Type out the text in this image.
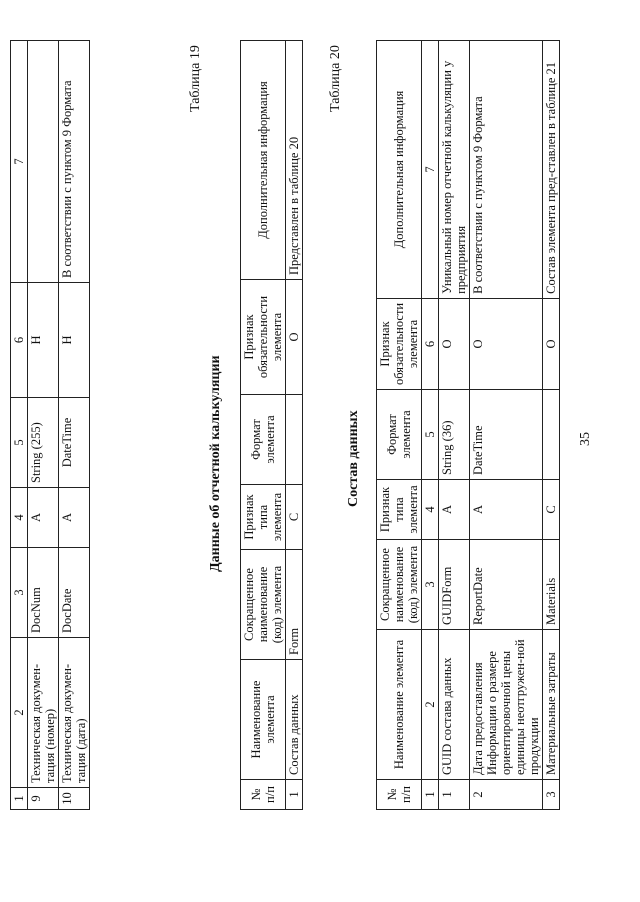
35
1	2	3	4	5	6	7
9	Техническая докумен-тация (номер)	DocNum	А	String (255)	Н	
10	Техническая докумен-тация (дата)	DocDate	А	DateTime	Н	В соответствии с пунктом 9 Формата
Таблица 19
Данные об отчетной калькуляции
№ п/п	Наименование элемента	Сокращенное наименование (код) элемента	Признак типа элемента	Формат элемента	Признак обязательности элемента	Дополнительная информация
1	Состав данных	Form	С		О	Представлен в таблице 20
Таблица 20
Состав данных
№ п/п	Наименование элемента	Сокращенное наименование (код) элемента	Признак типа элемента	Формат элемента	Признак обязательности элемента	Дополнительная информация
1	2	3	4	5	6	7
1	GUID состава данных	GUIDForm	А	String (36)	О	Уникальный номер отчетной калькуляции у предприятия
2	Дата предоставления Информации о размере ориентировочной цены единицы неотгружен-ной продукции	ReportDate	А	DateTime	О	В соответствии с пунктом 9 Формата
3	Материальные затраты	Materials	С		О	Состав элемента пред-ставлен в таблице 21
